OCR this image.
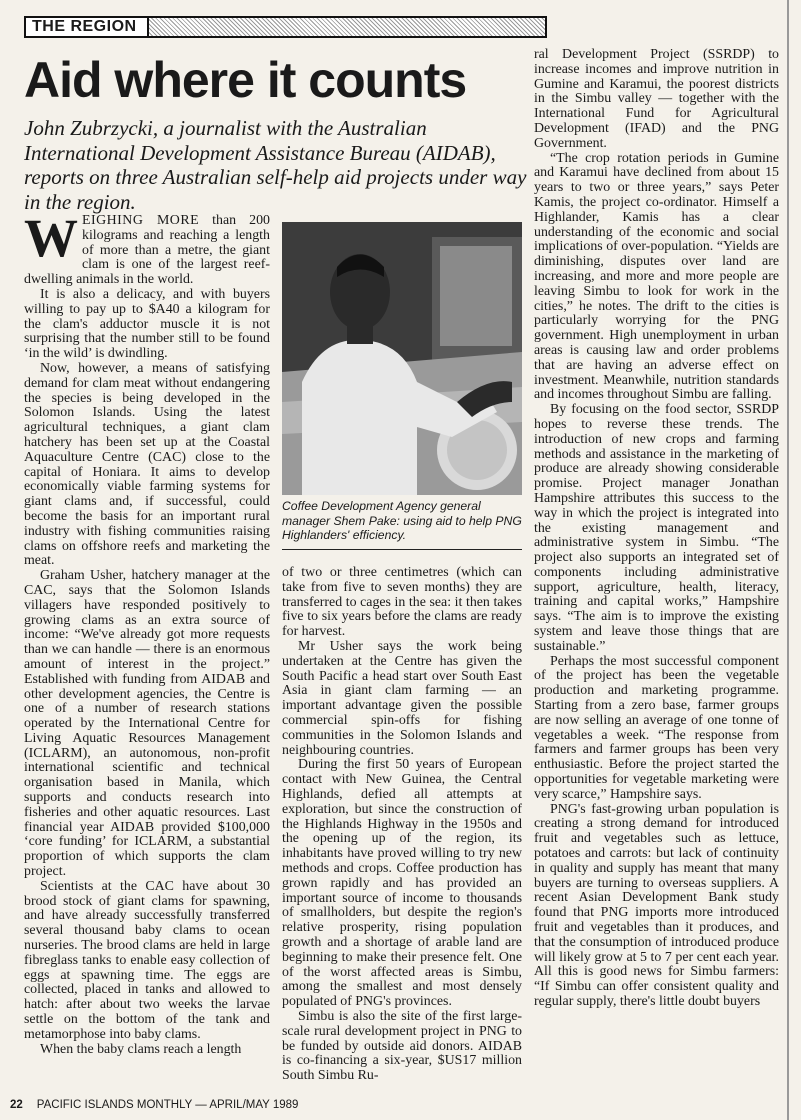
THE REGION
Aid where it counts

John Zubrzycki, a journalist with the Australian International Development Assistance Bureau (AIDAB), reports on three Australian self-help aid projects under way in the region.

WEIGHING MORE than 200 kilograms and reaching a length of more than a metre, the giant clam is one of the largest reef-dwelling animals in the world.

It is also a delicacy, and with buyers willing to pay up to $A40 a kilogram for the clam's adductor muscle it is not surprising that the number still to be found ‘in the wild’ is dwindling.

Now, however, a means of satisfying demand for clam meat without endangering the species is being developed in the Solomon Islands. Using the latest agricultural techniques, a giant clam hatchery has been set up at the Coastal Aquaculture Centre (CAC) close to the capital of Honiara. It aims to develop economically viable farming systems for giant clams and, if successful, could become the basis for an important rural industry with fishing communities raising clams on offshore reefs and marketing the meat.

Graham Usher, hatchery manager at the CAC, says that the Solomon Islands villagers have responded positively to growing clams as an extra source of income: “We've already got more requests than we can handle — there is an enormous amount of interest in the project.” Established with funding from AIDAB and other development agencies, the Centre is one of a number of research stations operated by the International Centre for Living Aquatic Resources Management (ICLARM), an autonomous, non-profit international scientific and technical organisation based in Manila, which supports and conducts research into fisheries and other aquatic resources. Last financial year AIDAB provided $100,000 ‘core funding’ for ICLARM, a substantial proportion of which supports the clam project.

Scientists at the CAC have about 30 brood stock of giant clams for spawning, and have already successfully transferred several thousand baby clams to ocean nurseries. The brood clams are held in large fibreglass tanks to enable easy collection of eggs at spawning time. The eggs are collected, placed in tanks and allowed to hatch: after about two weeks the larvae settle on the bottom of the tank and metamorphose into baby clams.

When the baby clams reach a length

Coffee Development Agency general manager Shem Pake: using aid to help PNG Highlanders' efficiency.

of two or three centimetres (which can take from five to seven months) they are transferred to cages in the sea: it then takes five to six years before the clams are ready for harvest.

Mr Usher says the work being undertaken at the Centre has given the South Pacific a head start over South East Asia in giant clam farming — an important advantage given the possible commercial spin-offs for fishing communities in the Solomon Islands and neighbouring countries.

During the first 50 years of European contact with New Guinea, the Central Highlands, defied all attempts at exploration, but since the construction of the Highlands Highway in the 1950s and the opening up of the region, its inhabitants have proved willing to try new methods and crops. Coffee production has grown rapidly and has provided an important source of income to thousands of smallholders, but despite the region's relative prosperity, rising population growth and a shortage of arable land are beginning to make their presence felt. One of the worst affected areas is Simbu, among the smallest and most densely populated of PNG's provinces.

Simbu is also the site of the first large-scale rural development project in PNG to be funded by outside aid donors. AIDAB is co-financing a six-year, $US17 million South Simbu Ru-

ral Development Project (SSRDP) to increase incomes and improve nutrition in Gumine and Karamui, the poorest districts in the Simbu valley — together with the International Fund for Agricultural Development (IFAD) and the PNG Government.

“The crop rotation periods in Gumine and Karamui have declined from about 15 years to two or three years,” says Peter Kamis, the project co-ordinator. Himself a Highlander, Kamis has a clear understanding of the economic and social implications of over-population. “Yields are diminishing, disputes over land are increasing, and more and more people are leaving Simbu to look for work in the cities,” he notes. The drift to the cities is particularly worrying for the PNG government. High unemployment in urban areas is causing law and order problems that are having an adverse effect on investment. Meanwhile, nutrition standards and incomes throughout Simbu are falling.

By focusing on the food sector, SSRDP hopes to reverse these trends. The introduction of new crops and farming methods and assistance in the marketing of produce are already showing considerable promise. Project manager Jonathan Hampshire attributes this success to the way in which the project is integrated into the existing management and administrative system in Simbu. “The project also supports an integrated set of components including administrative support, agriculture, health, literacy, training and capital works,” Hampshire says. “The aim is to improve the existing system and leave those things that are sustainable.”

Perhaps the most successful component of the project has been the vegetable production and marketing programme. Starting from a zero base, farmer groups are now selling an average of one tonne of vegetables a week. “The response from farmers and farmer groups has been very enthusiastic. Before the project started the opportunities for vegetable marketing were very scarce,” Hampshire says.

PNG's fast-growing urban population is creating a strong demand for introduced fruit and vegetables such as lettuce, potatoes and carrots: but lack of continuity in quality and supply has meant that many buyers are turning to overseas suppliers. A recent Asian Development Bank study found that PNG imports more introduced fruit and vegetables than it produces, and that the consumption of introduced produce will likely grow at 5 to 7 per cent each year. All this is good news for Simbu farmers: “If Simbu can offer consistent quality and regular supply, there's little doubt buyers

22 PACIFIC ISLANDS MONTHLY — APRIL/MAY 1989
